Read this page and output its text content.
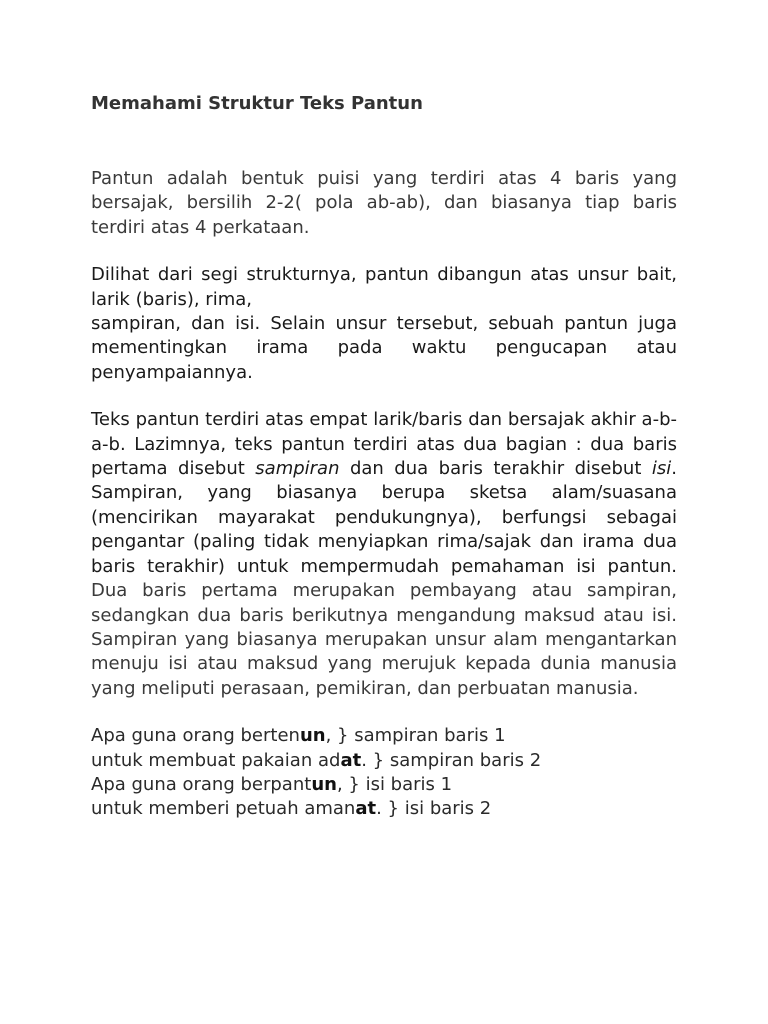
Memahami Struktur Teks Pantun

Pantun adalah bentuk puisi yang terdiri atas 4 baris yang bersajak, bersilih 2-2( pola ab-ab), dan biasanya tiap baris terdiri atas 4 perkataan.

Dilihat dari segi strukturnya, pantun dibangun atas unsur bait, larik (baris), rima,
sampiran, dan isi. Selain unsur tersebut, sebuah pantun juga mementingkan irama pada waktu pengucapan atau penyampaiannya.

Teks pantun terdiri atas empat larik/baris dan bersajak akhir a-b-a-b. Lazimnya, teks pantun terdiri atas dua bagian : dua baris pertama disebut sampiran dan dua baris terakhir disebut isi. Sampiran, yang biasanya berupa sketsa alam/suasana (mencirikan mayarakat pendukungnya), berfungsi sebagai pengantar (paling tidak menyiapkan rima/sajak dan irama dua baris terakhir) untuk mempermudah pemahaman isi pantun. Dua baris pertama merupakan pembayang atau sampiran, sedangkan dua baris berikutnya mengandung maksud atau isi. Sampiran yang biasanya merupakan unsur alam mengantarkan menuju isi atau maksud yang merujuk kepada dunia manusia yang meliputi perasaan, pemikiran, dan perbuatan manusia.

Apa guna orang bertenun, } sampiran baris 1
untuk membuat pakaian adat. } sampiran baris 2
Apa guna orang berpantun, } isi baris 1
untuk memberi petuah amanat. } isi baris 2
